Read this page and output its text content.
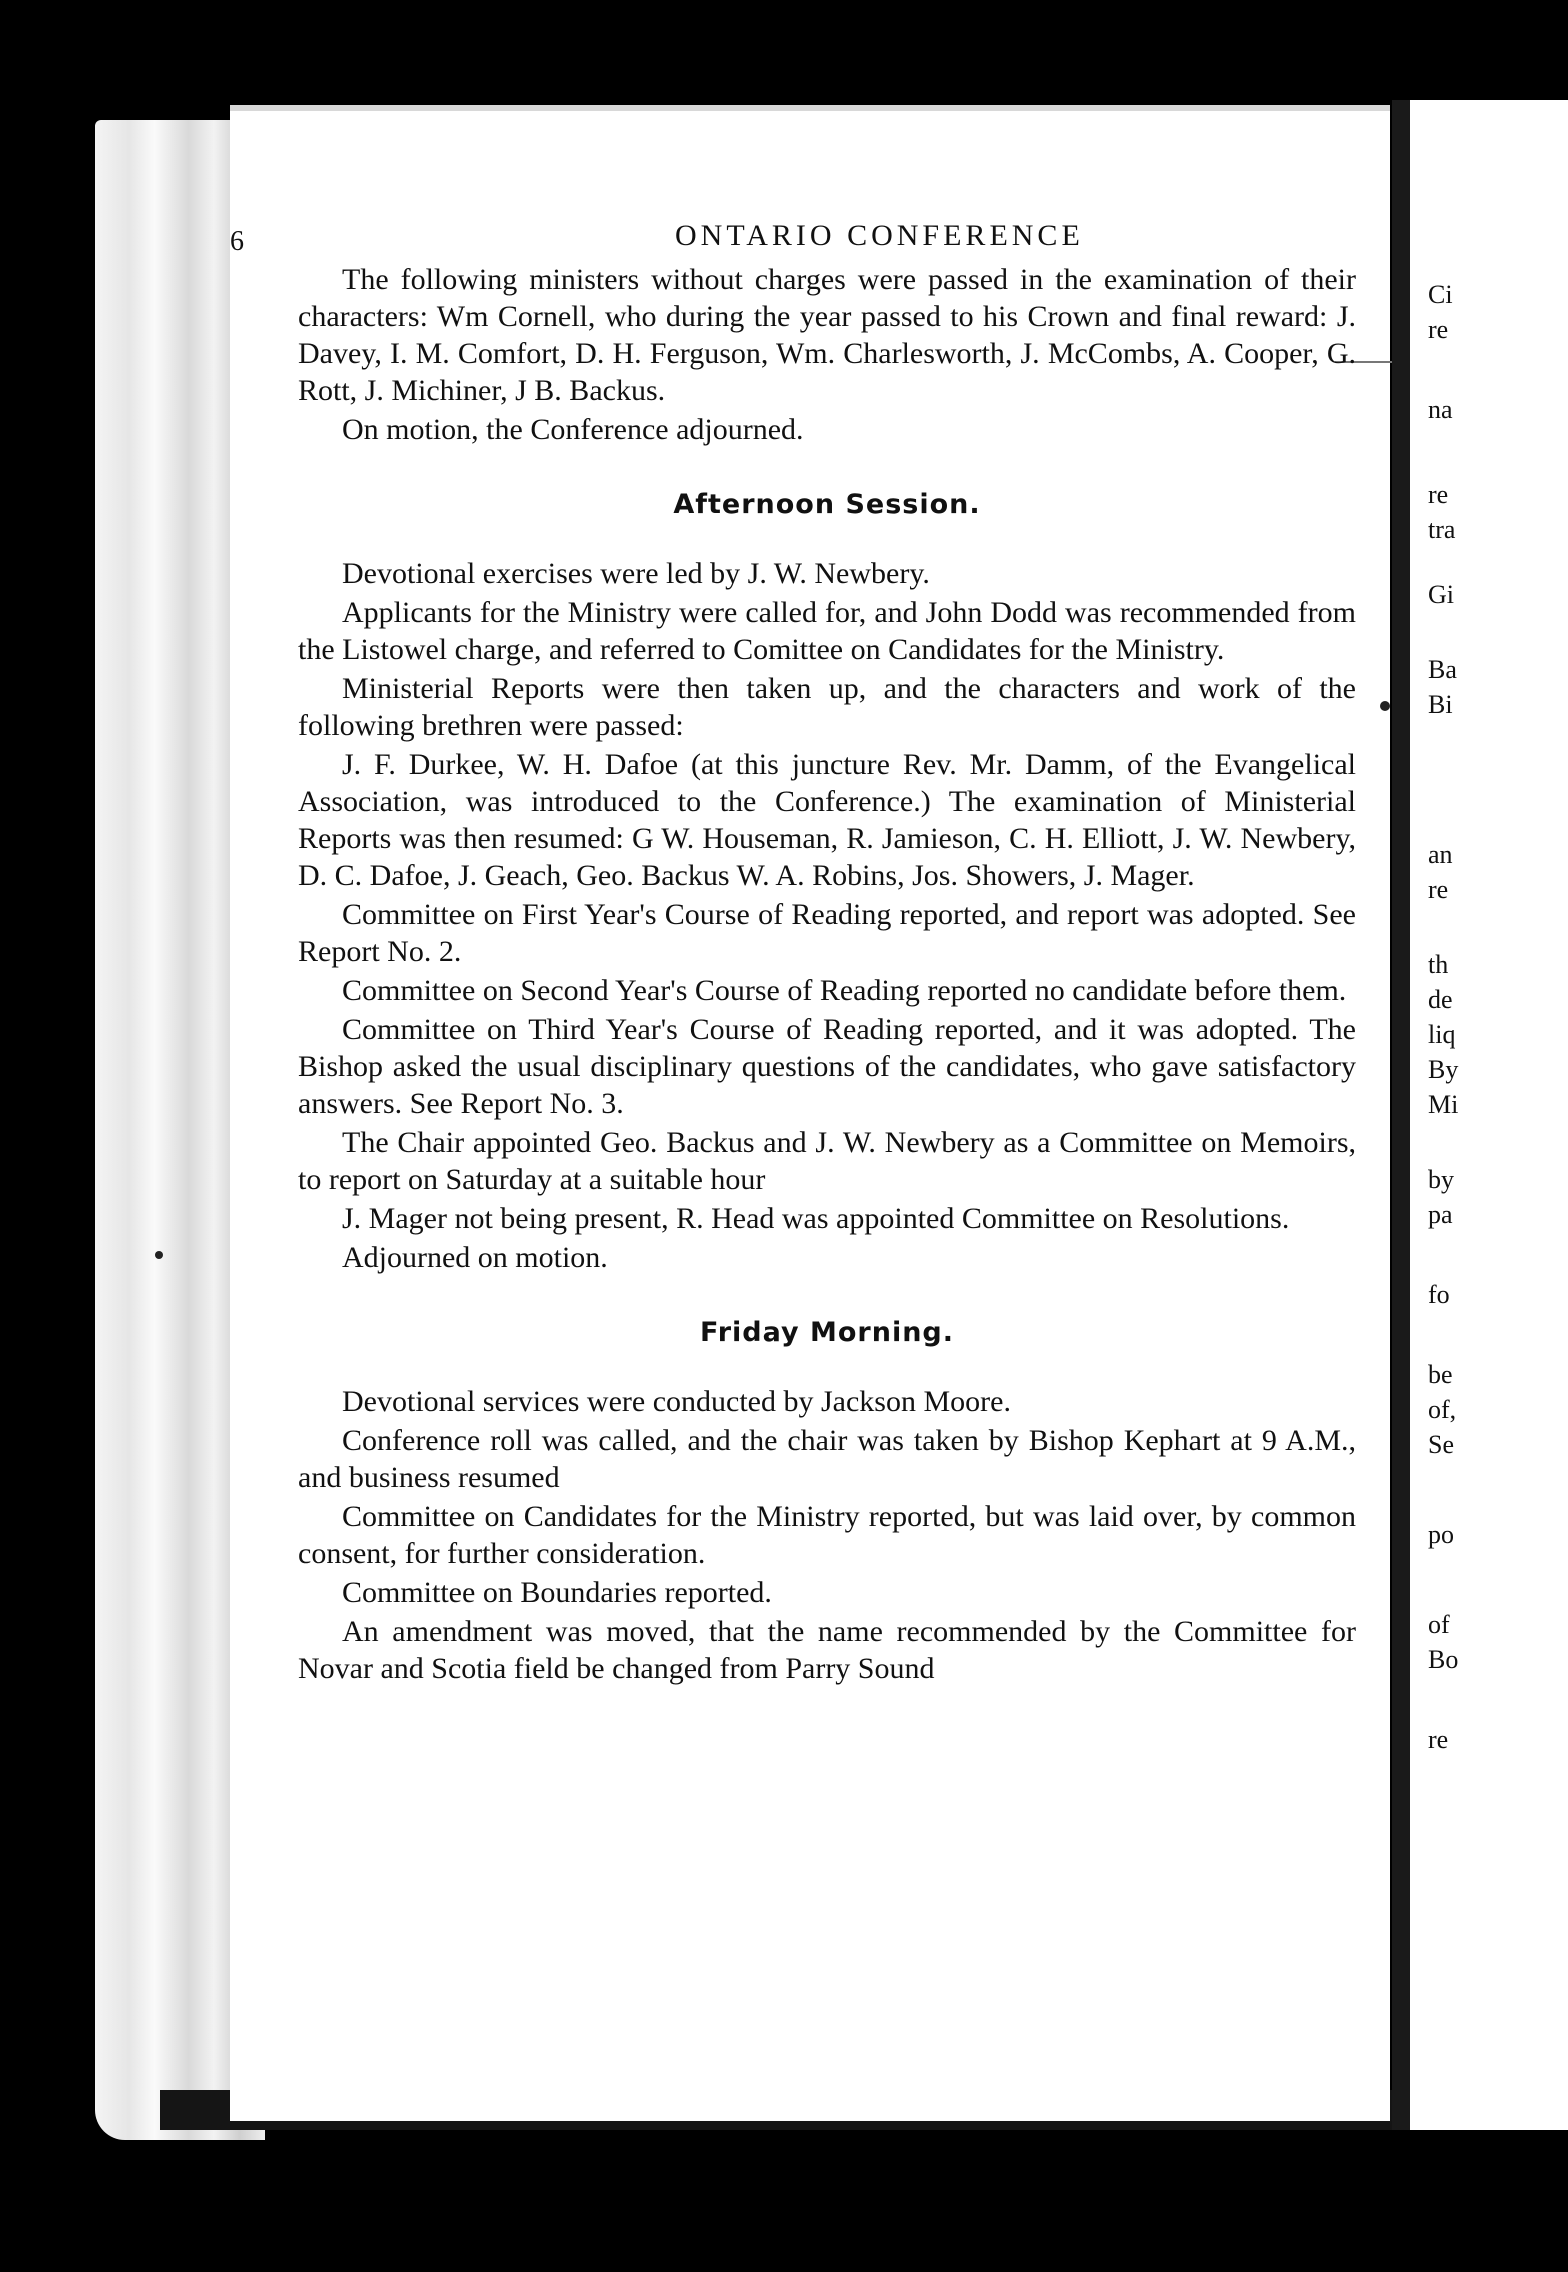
6	ONTARIO CONFERENCE

The following ministers without charges were passed in the examination of their characters: Wm Cornell, who during the year passed to his Crown and final reward: J. Davey, I. M. Comfort, D. H. Ferguson, Wm. Charlesworth, J. McCombs, A. Cooper, G. Rott, J. Michiner, J B. Backus.

On motion, the Conference adjourned.

Afternoon Session.

Devotional exercises were led by J. W. Newbery.

Applicants for the Ministry were called for, and John Dodd was recommended from the Listowel charge, and referred to Comittee on Candidates for the Ministry.

Ministerial Reports were then taken up, and the characters and work of the following brethren were passed:

J. F. Durkee, W. H. Dafoe (at this juncture Rev. Mr. Damm, of the Evangelical Association, was introduced to the Conference.) The examination of Ministerial Reports was then resumed: G W. Houseman, R. Jamieson, C. H. Elliott, J. W. Newbery, D. C. Dafoe, J. Geach, Geo. Backus W. A. Robins, Jos. Showers, J. Mager.

Committee on First Year's Course of Reading reported, and report was adopted. See Report No. 2.

Committee on Second Year's Course of Reading reported no candidate before them.

Committee on Third Year's Course of Reading reported, and it was adopted. The Bishop asked the usual disciplinary questions of the candidates, who gave satisfactory answers. See Report No. 3.

The Chair appointed Geo. Backus and J. W. Newbery as a Committee on Memoirs, to report on Saturday at a suitable hour

J. Mager not being present, R. Head was appointed Committee on Resolutions.

Adjourned on motion.

Friday Morning.

Devotional services were conducted by Jackson Moore.

Conference roll was called, and the chair was taken by Bishop Kephart at 9 A.M., and business resumed

Committee on Candidates for the Ministry reported, but was laid over, by common consent, for further consideration.

Committee on Boundaries reported.

An amendment was moved, that the name recommended by the Committee for Novar and Scotia field be changed from Parry Sound

Ci
re
na
re
tra
Gi
Ba
Bi
an
re
th
de
liq
By
Mi
by
pa
fo
be
of,
Se
po
of
Bo
re
